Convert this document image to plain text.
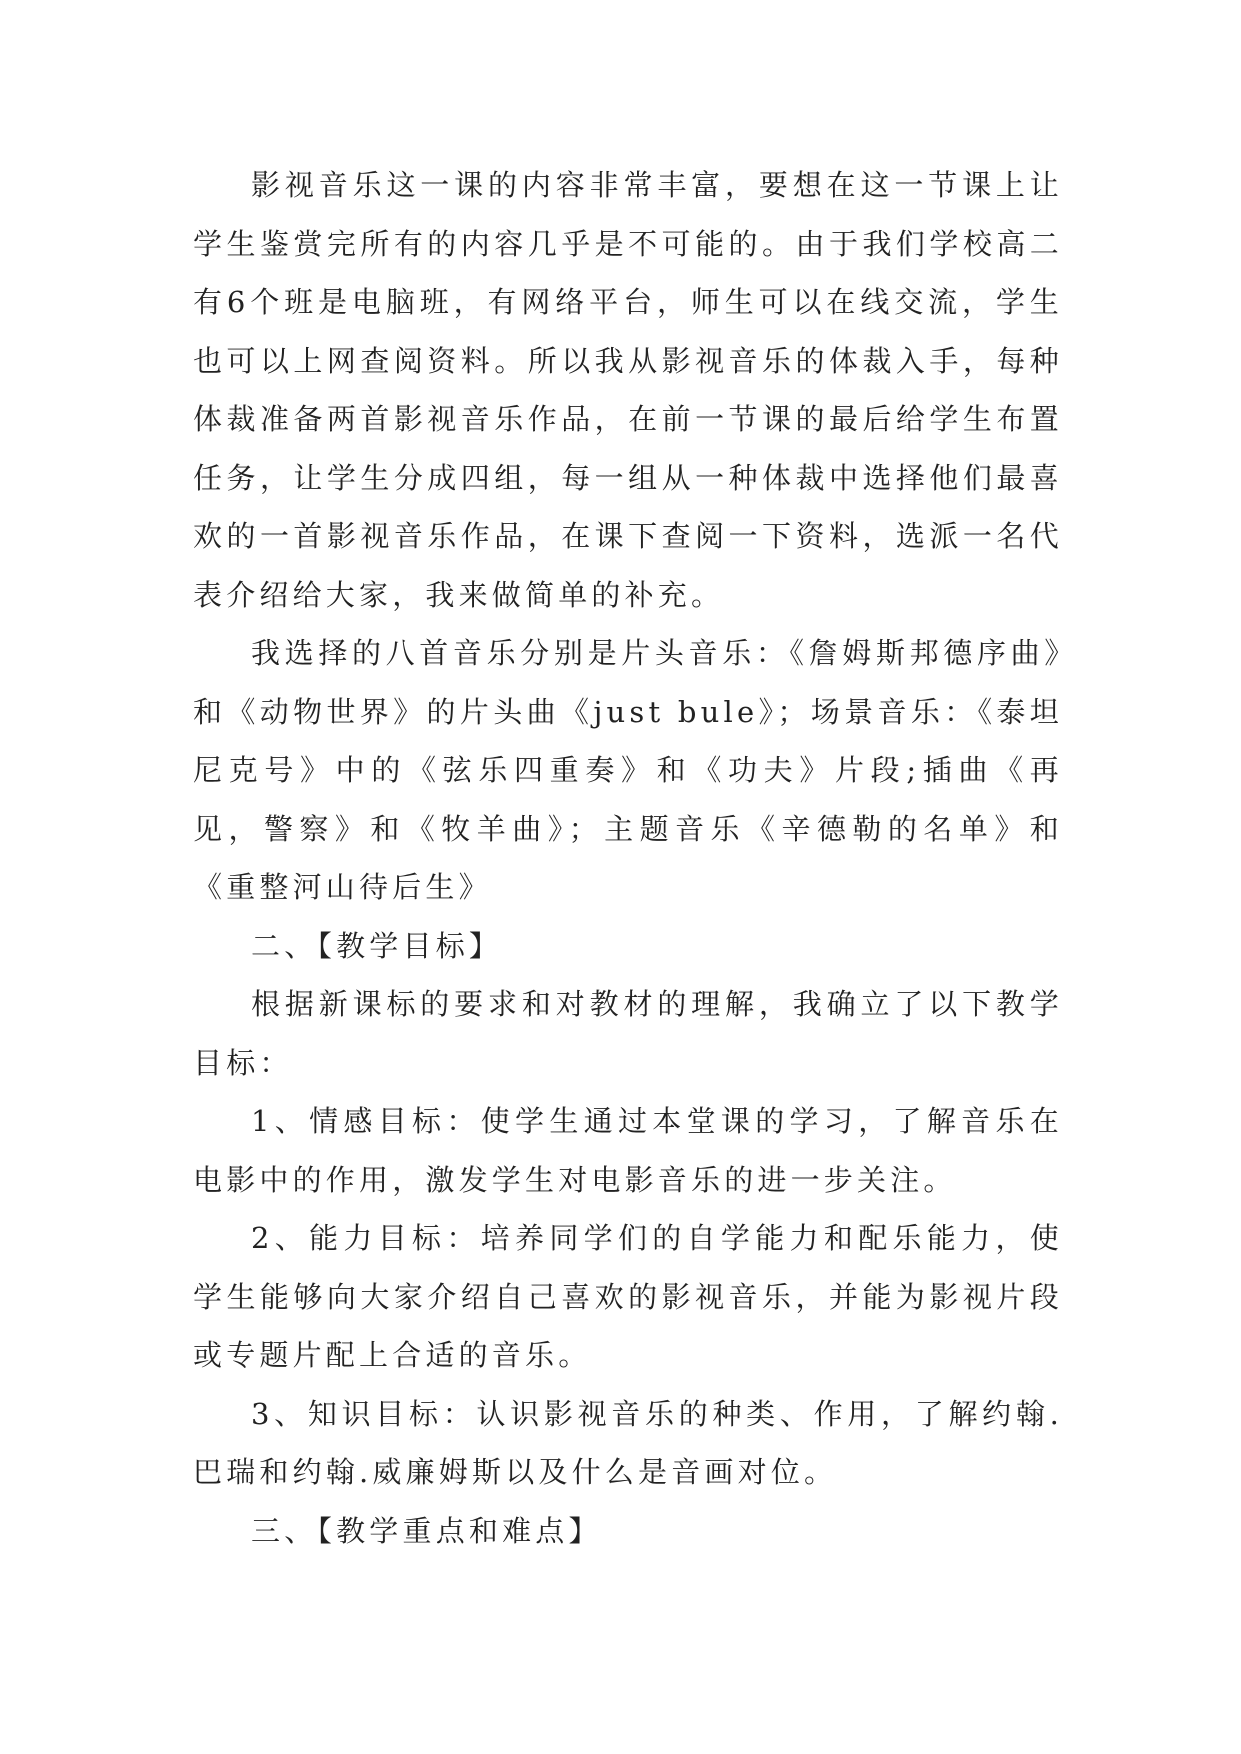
影视音乐这一课的内容非常丰富，要想在这一节课上让学生鉴赏完所有的内容几乎是不可能的。由于我们学校高二有6个班是电脑班，有网络平台，师生可以在线交流，学生也可以上网查阅资料。所以我从影视音乐的体裁入手，每种体裁准备两首影视音乐作品，在前一节课的最后给学生布置任务，让学生分成四组，每一组从一种体裁中选择他们最喜欢的一首影视音乐作品，在课下查阅一下资料，选派一名代表介绍给大家，我来做简单的补充。

我选择的八首音乐分别是片头音乐：《詹姆斯邦德序曲》和《动物世界》的片头曲《just bule》；场景音乐：《泰坦尼克号》中的《弦乐四重奏》和《功夫》片段;插曲《再见，警察》和《牧羊曲》；主题音乐《辛德勒的名单》和《重整河山待后生》

二、【教学目标】

根据新课标的要求和对教材的理解，我确立了以下教学目标：

1、情感目标：使学生通过本堂课的学习，了解音乐在电影中的作用，激发学生对电影音乐的进一步关注。

2、能力目标：培养同学们的自学能力和配乐能力，使学生能够向大家介绍自己喜欢的影视音乐，并能为影视片段或专题片配上合适的音乐。

3、知识目标：认识影视音乐的种类、作用，了解约翰.巴瑞和约翰.威廉姆斯以及什么是音画对位。

三、【教学重点和难点】
